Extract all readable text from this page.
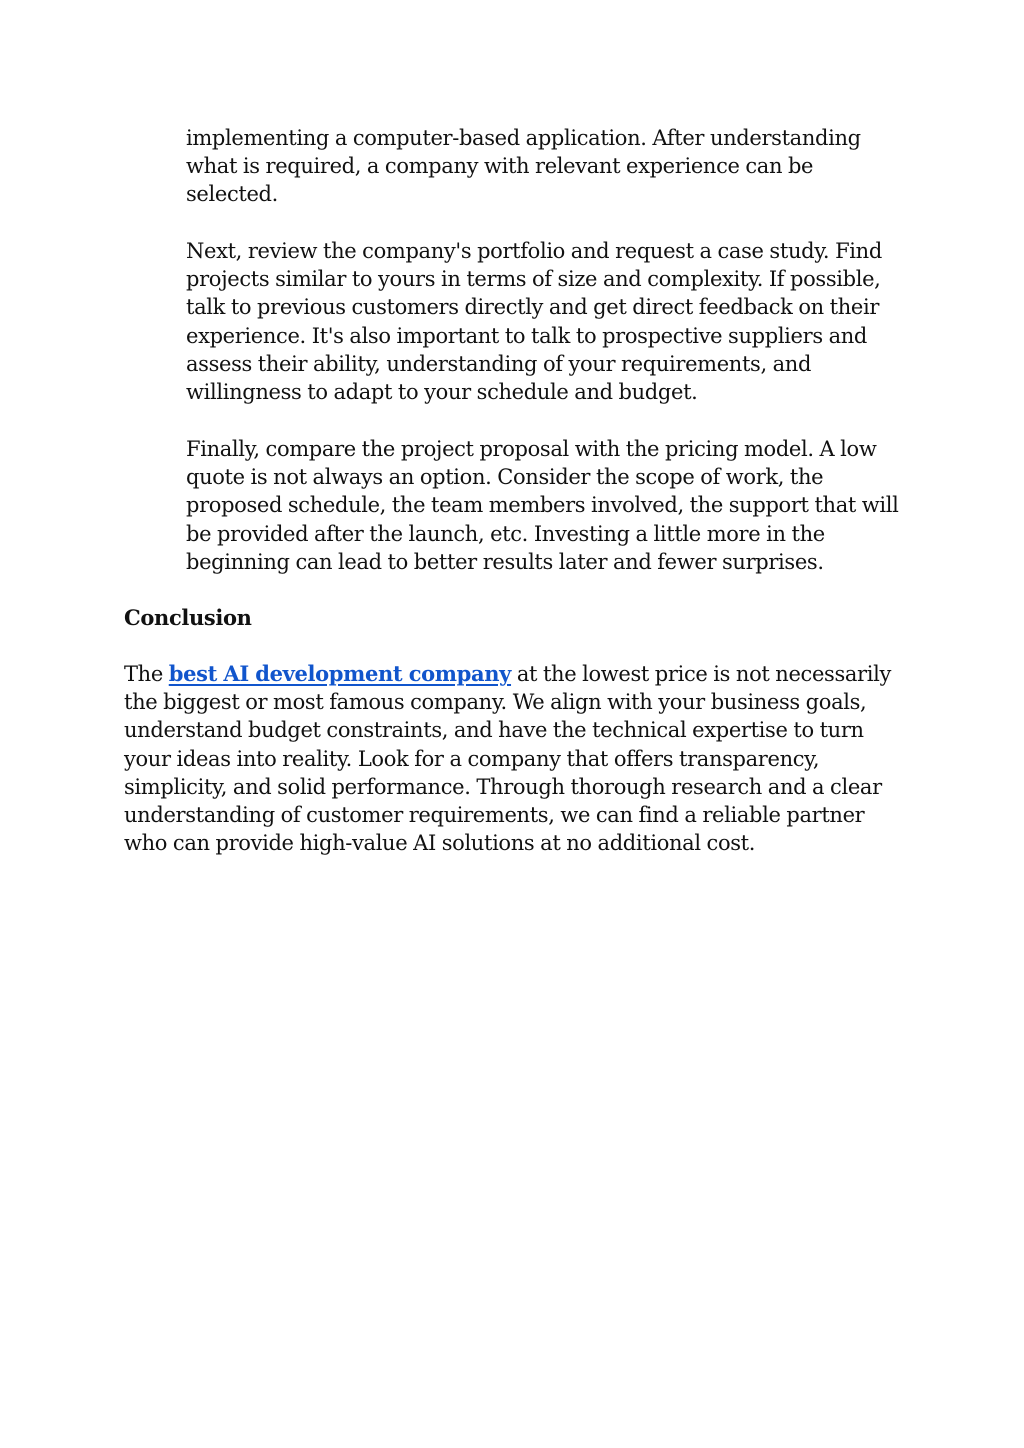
implementing a computer-based application. After understanding
what is required, a company with relevant experience can be
selected.
Next, review the company's portfolio and request a case study. Find
projects similar to yours in terms of size and complexity. If possible,
talk to previous customers directly and get direct feedback on their
experience. It's also important to talk to prospective suppliers and
assess their ability, understanding of your requirements, and
willingness to adapt to your schedule and budget.
Finally, compare the project proposal with the pricing model. A low
quote is not always an option. Consider the scope of work, the
proposed schedule, the team members involved, the support that will
be provided after the launch, etc. Investing a little more in the
beginning can lead to better results later and fewer surprises.
Conclusion
The best AI development company at the lowest price is not necessarily
the biggest or most famous company. We align with your business goals,
understand budget constraints, and have the technical expertise to turn
your ideas into reality. Look for a company that offers transparency,
simplicity, and solid performance. Through thorough research and a clear
understanding of customer requirements, we can find a reliable partner
who can provide high-value AI solutions at no additional cost.
